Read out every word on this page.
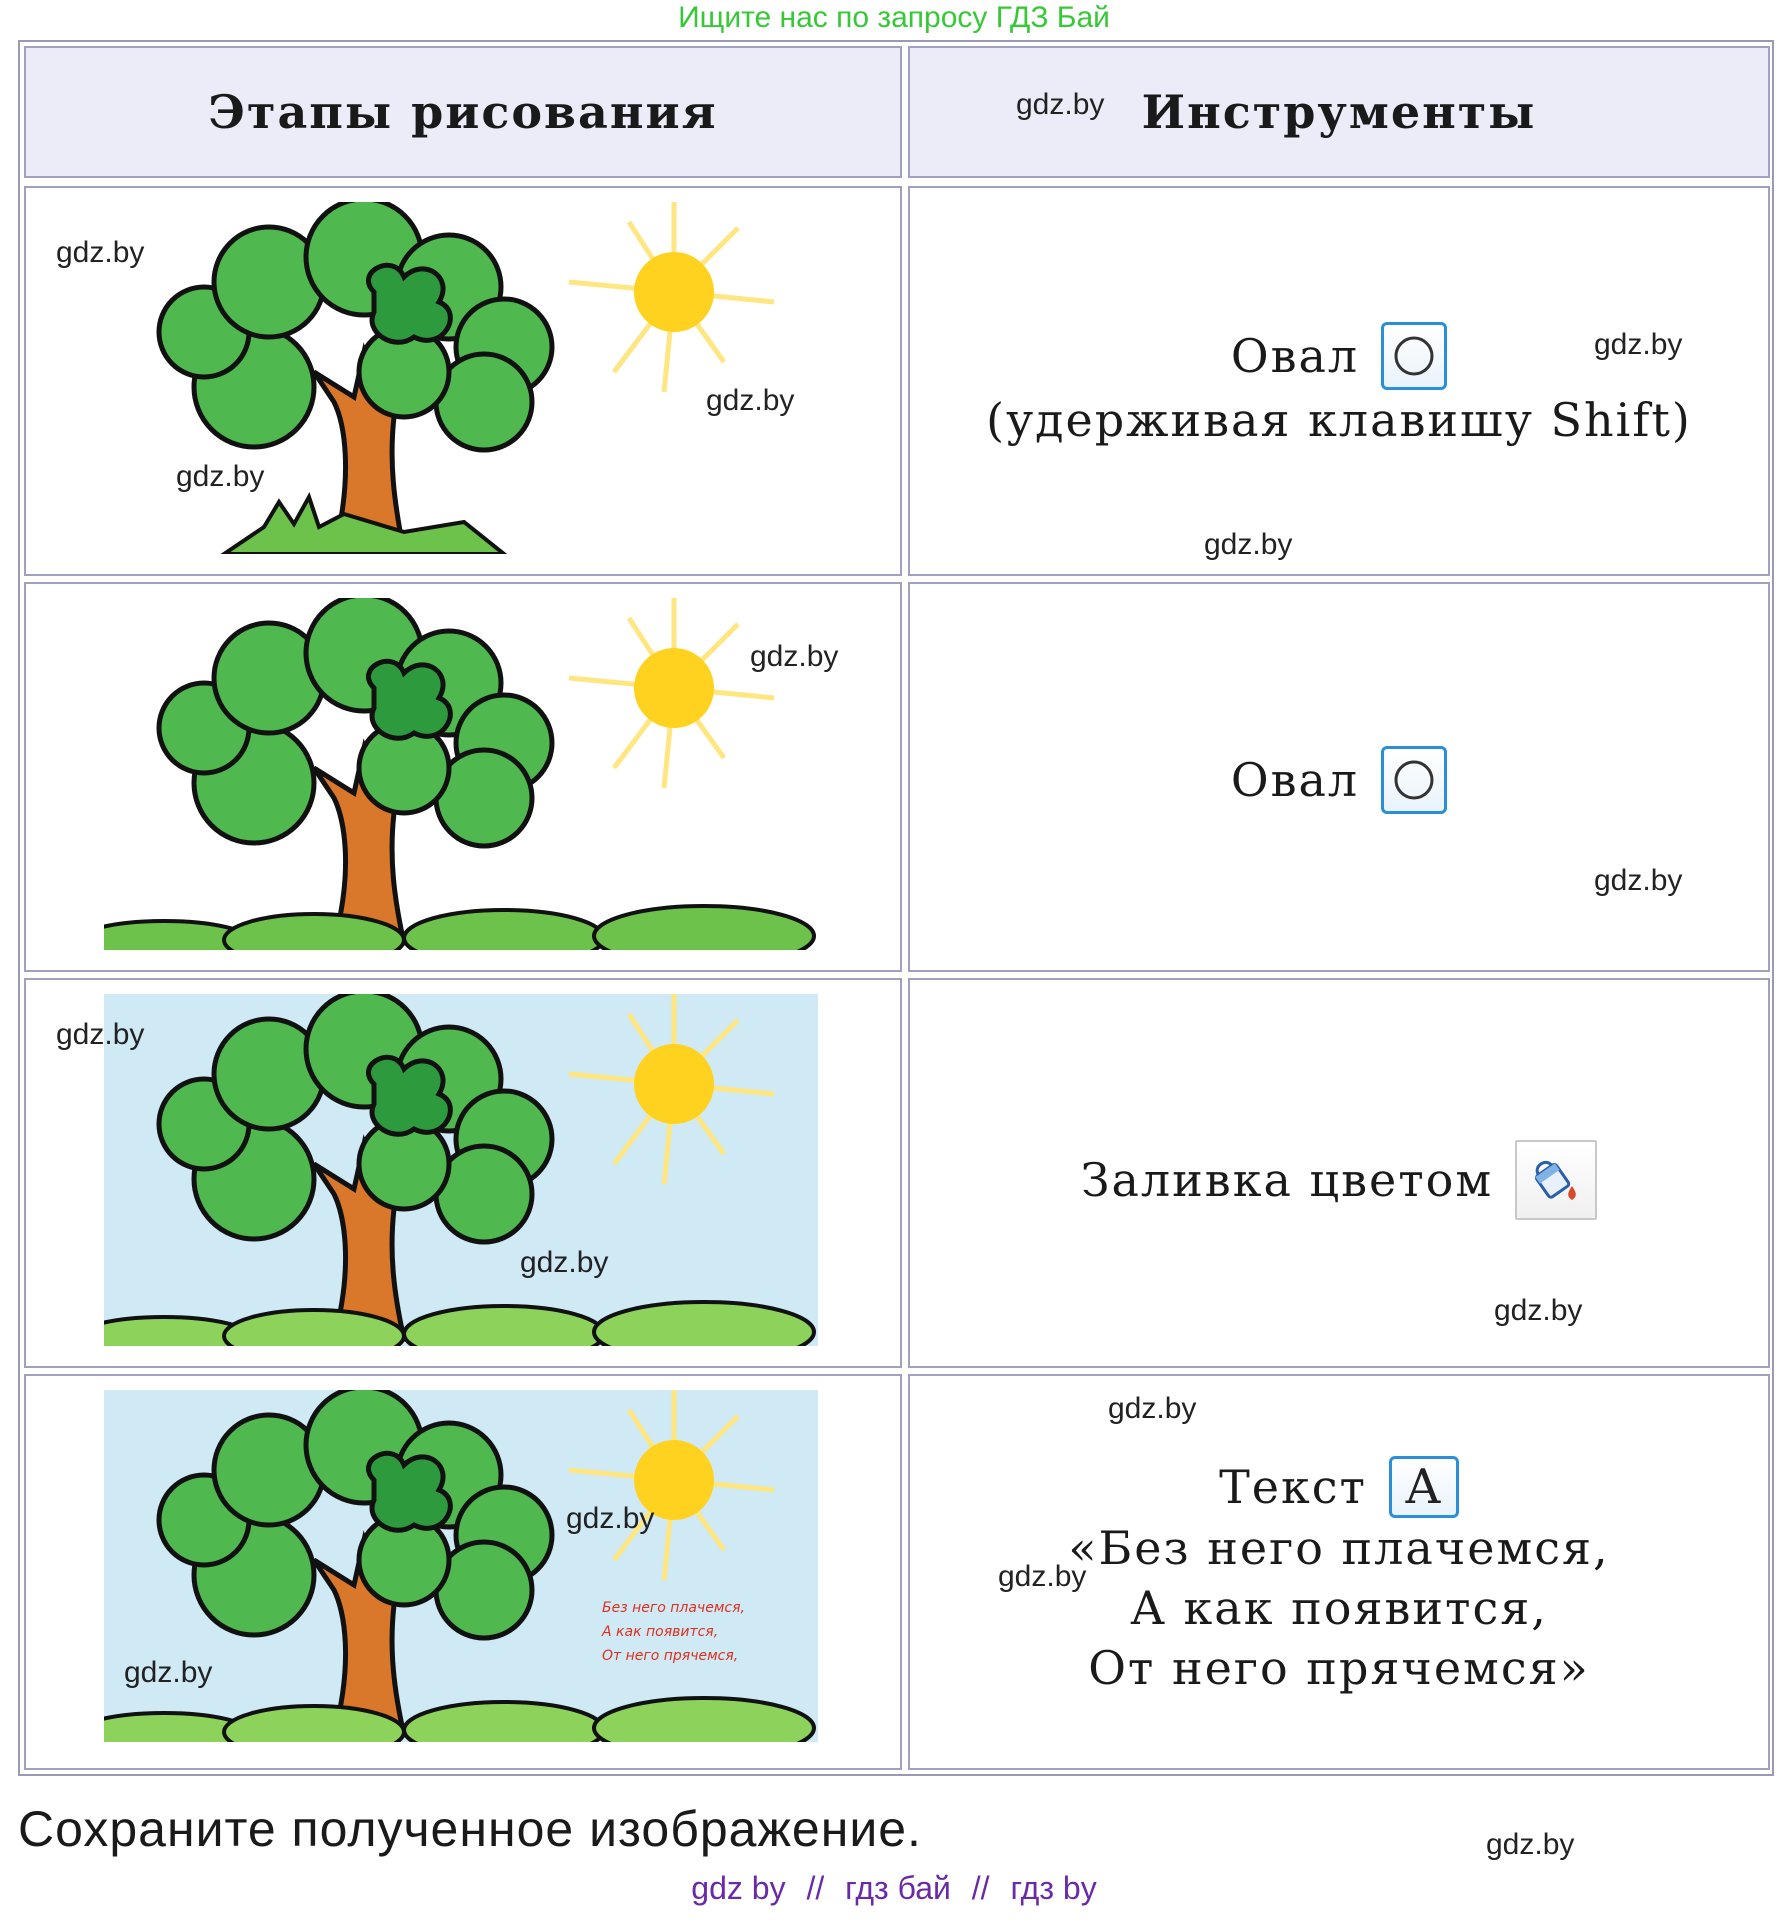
Ищите нас по запросу ГДЗ Бай
Этапы рисования	Инструменты
Овал
(удерживая клавишу Shift)
Овал
Заливка цветом
Без него плачемся,
А как появится,
От него прячемся,
Текст A
«Без него плачемся,
А как появится,
От него прячемся»
gdz.by
gdz.by
gdz.by
gdz.by
gdz.by
gdz.by
gdz.by
gdz.by
gdz.by
gdz.by
gdz.by
gdz.by
gdz.by
gdz.by
gdz.by
gdz.by
Сохраните полученное изображение.
gdz by // гдз бай // гдз by
